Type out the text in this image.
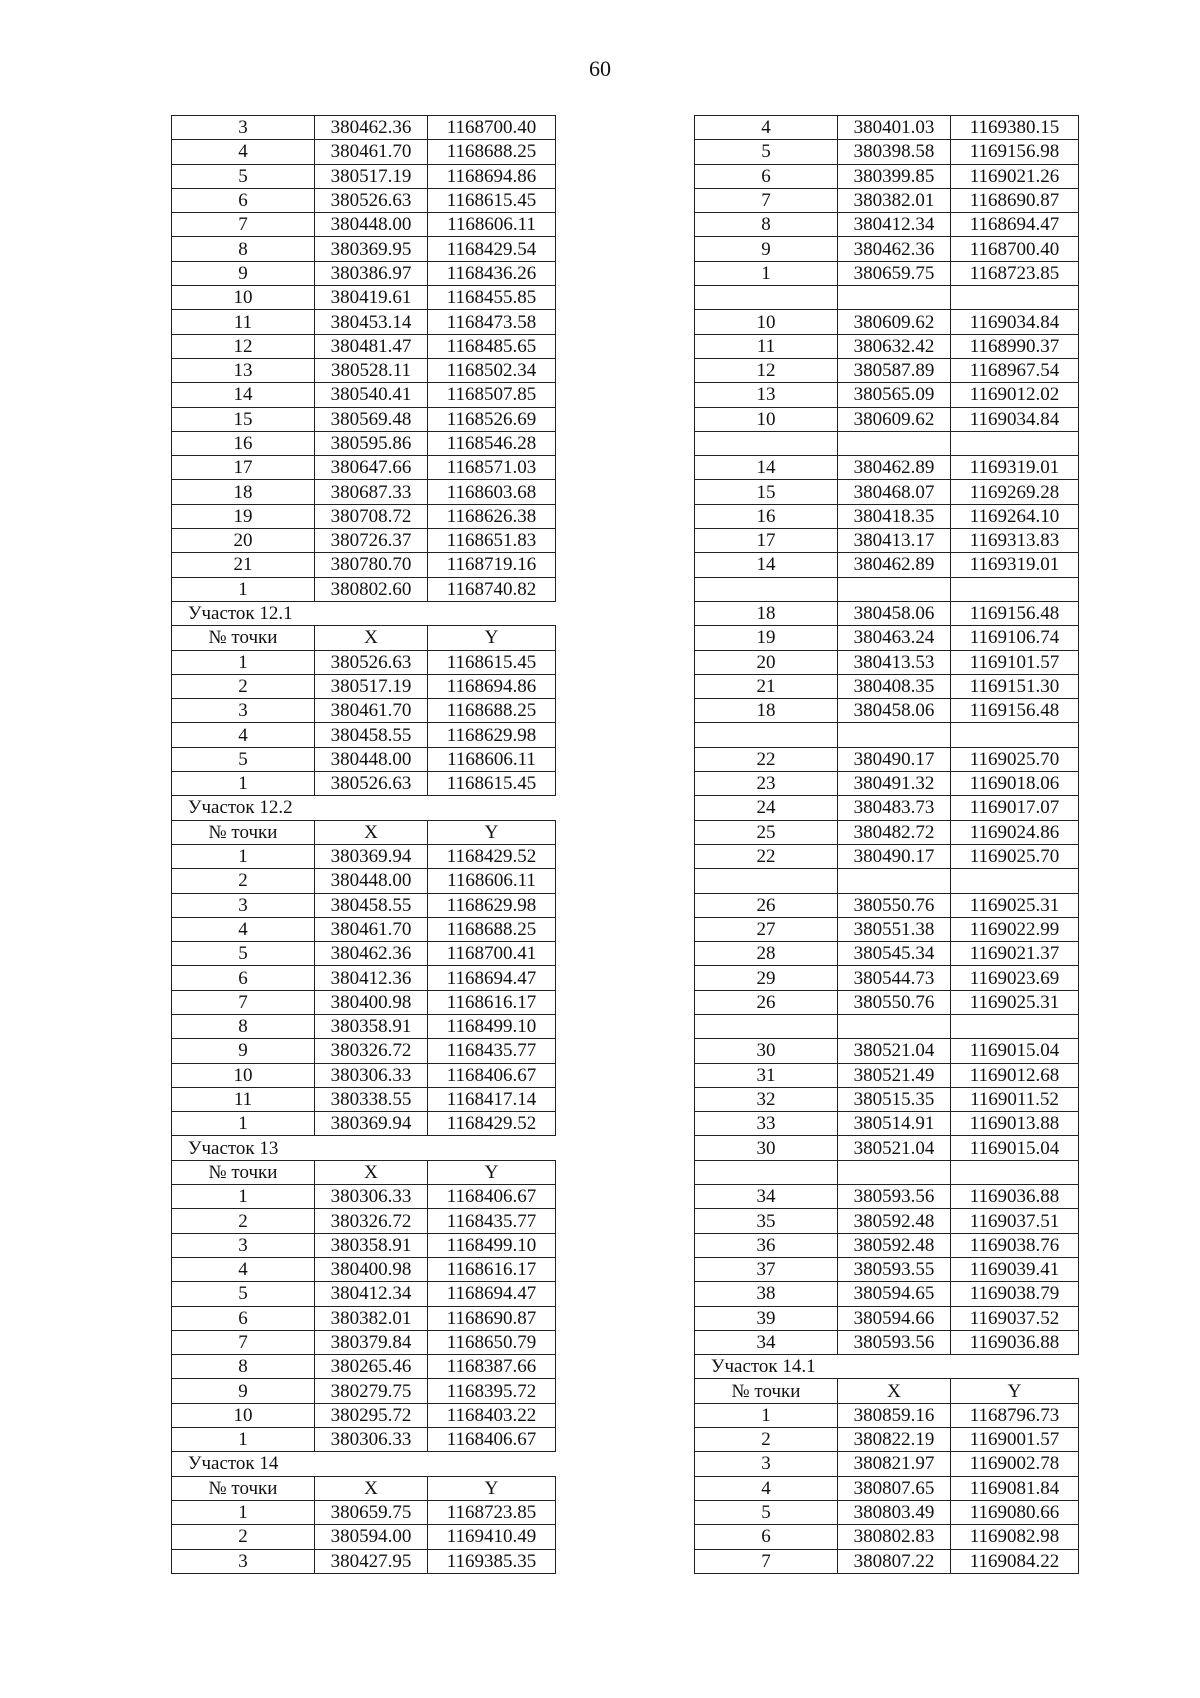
60
3	380462.36	1168700.40
4	380461.70	1168688.25
5	380517.19	1168694.86
6	380526.63	1168615.45
7	380448.00	1168606.11
8	380369.95	1168429.54
9	380386.97	1168436.26
10	380419.61	1168455.85
11	380453.14	1168473.58
12	380481.47	1168485.65
13	380528.11	1168502.34
14	380540.41	1168507.85
15	380569.48	1168526.69
16	380595.86	1168546.28
17	380647.66	1168571.03
18	380687.33	1168603.68
19	380708.72	1168626.38
20	380726.37	1168651.83
21	380780.70	1168719.16
1	380802.60	1168740.82
Участок 12.1		
№ точки	X	Y
1	380526.63	1168615.45
2	380517.19	1168694.86
3	380461.70	1168688.25
4	380458.55	1168629.98
5	380448.00	1168606.11
1	380526.63	1168615.45
Участок 12.2		
№ точки	X	Y
1	380369.94	1168429.52
2	380448.00	1168606.11
3	380458.55	1168629.98
4	380461.70	1168688.25
5	380462.36	1168700.41
6	380412.36	1168694.47
7	380400.98	1168616.17
8	380358.91	1168499.10
9	380326.72	1168435.77
10	380306.33	1168406.67
11	380338.55	1168417.14
1	380369.94	1168429.52
Участок 13		
№ точки	X	Y
1	380306.33	1168406.67
2	380326.72	1168435.77
3	380358.91	1168499.10
4	380400.98	1168616.17
5	380412.34	1168694.47
6	380382.01	1168690.87
7	380379.84	1168650.79
8	380265.46	1168387.66
9	380279.75	1168395.72
10	380295.72	1168403.22
1	380306.33	1168406.67
Участок 14		
№ точки	X	Y
1	380659.75	1168723.85
2	380594.00	1169410.49
3	380427.95	1169385.35
4	380401.03	1169380.15
5	380398.58	1169156.98
6	380399.85	1169021.26
7	380382.01	1168690.87
8	380412.34	1168694.47
9	380462.36	1168700.40
1	380659.75	1168723.85

10	380609.62	1169034.84
11	380632.42	1168990.37
12	380587.89	1168967.54
13	380565.09	1169012.02
10	380609.62	1169034.84

14	380462.89	1169319.01
15	380468.07	1169269.28
16	380418.35	1169264.10
17	380413.17	1169313.83
14	380462.89	1169319.01

18	380458.06	1169156.48
19	380463.24	1169106.74
20	380413.53	1169101.57
21	380408.35	1169151.30
18	380458.06	1169156.48

22	380490.17	1169025.70
23	380491.32	1169018.06
24	380483.73	1169017.07
25	380482.72	1169024.86
22	380490.17	1169025.70

26	380550.76	1169025.31
27	380551.38	1169022.99
28	380545.34	1169021.37
29	380544.73	1169023.69
26	380550.76	1169025.31

30	380521.04	1169015.04
31	380521.49	1169012.68
32	380515.35	1169011.52
33	380514.91	1169013.88
30	380521.04	1169015.04

34	380593.56	1169036.88
35	380592.48	1169037.51
36	380592.48	1169038.76
37	380593.55	1169039.41
38	380594.65	1169038.79
39	380594.66	1169037.52
34	380593.56	1169036.88
Участок 14.1		
№ точки	X	Y
1	380859.16	1168796.73
2	380822.19	1169001.57
3	380821.97	1169002.78
4	380807.65	1169081.84
5	380803.49	1169080.66
6	380802.83	1169082.98
7	380807.22	1169084.22
